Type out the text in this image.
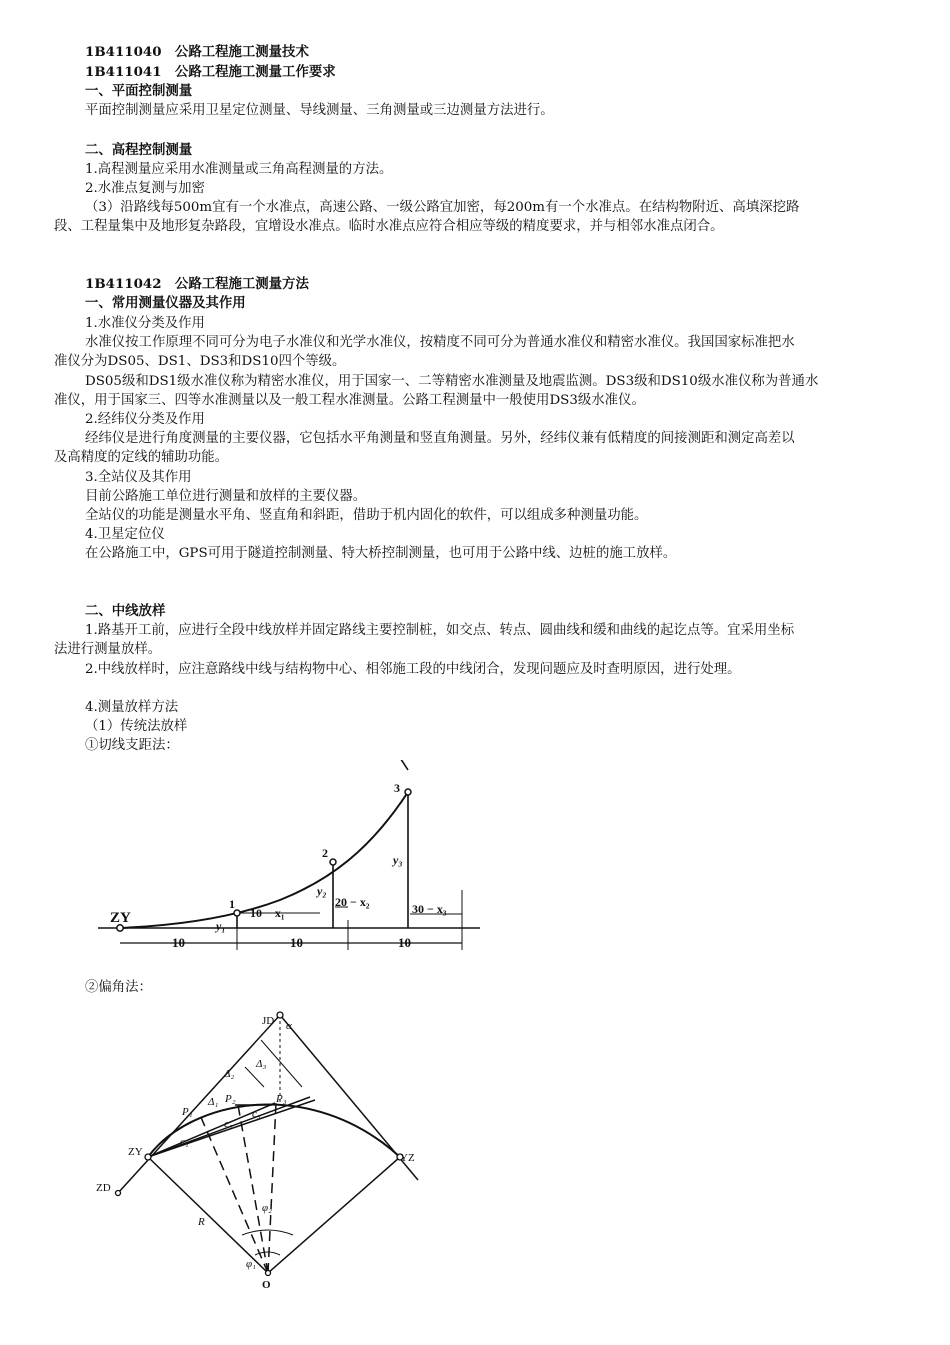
1B411040　公路工程施工测量技术
1B411041　公路工程施工测量工作要求
一、平面控制测量
平面控制测量应采用卫星定位测量、导线测量、三角测量或三边测量方法进行。
二、高程控制测量
1.高程测量应采用水准测量或三角高程测量的方法。
2.水准点复测与加密
（3）沿路线每500m宜有一个水准点，高速公路、一级公路宜加密，每200m有一个水准点。在结构物附近、高填深挖路
段、工程量集中及地形复杂路段，宜增设水准点。临时水准点应符合相应等级的精度要求，并与相邻水准点闭合。
1B411042　公路工程施工测量方法
一、常用测量仪器及其作用
1.水准仪分类及作用
水准仪按工作原理不同可分为电子水准仪和光学水准仪，按精度不同可分为普通水准仪和精密水准仪。我国国家标准把水
准仪分为DS05、DS1、DS3和DS10四个等级。
DS05级和DS1级水准仪称为精密水准仪，用于国家一、二等精密水准测量及地震监测。DS3级和DS10级水准仪称为普通水
准仪，用于国家三、四等水准测量以及一般工程水准测量。公路工程测量中一般使用DS3级水准仪。
2.经纬仪分类及作用
经纬仪是进行角度测量的主要仪器，它包括水平角测量和竖直角测量。另外，经纬仪兼有低精度的间接测距和测定高差以
及高精度的定线的辅助功能。
3.全站仪及其作用
目前公路施工单位进行测量和放样的主要仪器。
全站仪的功能是测量水平角、竖直角和斜距，借助于机内固化的软件，可以组成多种测量功能。
4.卫星定位仪
在公路施工中，GPS可用于隧道控制测量、特大桥控制测量，也可用于公路中线、边桩的施工放样。
二、中线放样
1.路基开工前，应进行全段中线放样并固定路线主要控制桩，如交点、转点、圆曲线和缓和曲线的起讫点等。宜采用坐标
法进行测量放样。
2.中线放样时，应注意路线中线与结构物中心、相邻施工段的中线闭合，发现问题应及时查明原因，进行处理。
4.测量放样方法
（1）传统法放样
①切线支距法：
ZY
1
2
3
y₁
y₂
y₃
10 − x₁
20 − x₂	30 − x₃
10	10	10
②偏角法：
JD α
ZY	YZ
ZD
O
R
Δ₁
Δ₂
Δ₃
P₁
P₂	P₃
c₁
c₂
c₃
φ₁
φ₂
